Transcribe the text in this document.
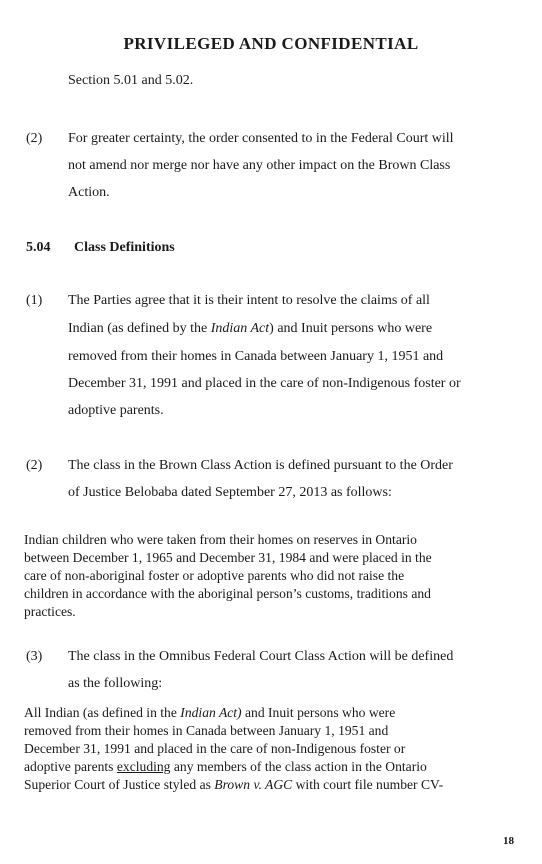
PRIVILEGED AND CONFIDENTIAL
Section 5.01 and 5.02.
(2) For greater certainty, the order consented to in the Federal Court will
not amend nor merge nor have any other impact on the Brown Class
Action.
5.04 Class Definitions
(1) The Parties agree that it is their intent to resolve the claims of all
Indian (as defined by the Indian Act) and Inuit persons who were
removed from their homes in Canada between January 1, 1951 and
December 31, 1991 and placed in the care of non-Indigenous foster or
adoptive parents.
(2) The class in the Brown Class Action is defined pursuant to the Order
of Justice Belobaba dated September 27, 2013 as follows:
Indian children who were taken from their homes on reserves in Ontario
between December 1, 1965 and December 31, 1984 and were placed in the
care of non-aboriginal foster or adoptive parents who did not raise the
children in accordance with the aboriginal person’s customs, traditions and
practices.
(3) The class in the Omnibus Federal Court Class Action will be defined
as the following:
All Indian (as defined in the Indian Act) and Inuit persons who were
removed from their homes in Canada between January 1, 1951 and
December 31, 1991 and placed in the care of non-Indigenous foster or
adoptive parents excluding any members of the class action in the Ontario
Superior Court of Justice styled as Brown v. AGC with court file number CV-
18
